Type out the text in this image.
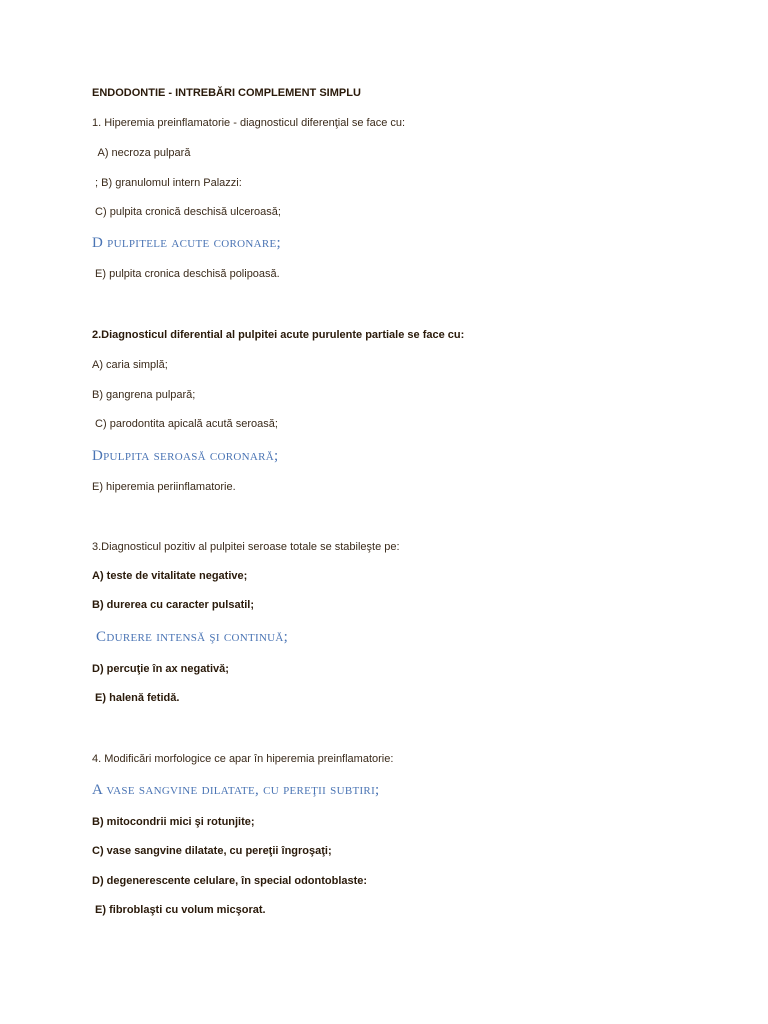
ENDODONTIE - INTREBĂRI COMPLEMENT SIMPLU
1. Hiperemia preinflamatorie - diagnosticul diferenţial se face cu:
A) necroza pulpară
; B) granulomul intern Palazzi:
C) pulpita cronică deschisă ulceroasă;
D pulpitele acute coronare;
E) pulpita cronica deschisă polipoasă.
2.Diagnosticul diferential al pulpitei acute purulente partiale se face cu:
A) caria simplă;
B) gangrena pulpară;
C) parodontita apicală acută seroasă;
Dpulpita seroasă coronară;
E) hiperemia periinflamatorie.
3.Diagnosticul pozitiv al pulpitei seroase totale se stabileşte pe:
A) teste de vitalitate negative;
B) durerea cu caracter pulsatil;
Cdurere intensă şi continuă;
D) percuţie în ax negativă;
E) halenă fetidă.
4. Modificări morfologice ce apar în hiperemia preinflamatorie:
A vase sangvine dilatate, cu pereţii subtiri;
B) mitocondrii mici şi rotunjite;
C) vase sangvine dilatate, cu pereţii îngroşaţi;
D) degenerescente celulare, în special odontoblaste:
E) fibroblaşti cu volum micşorat.
